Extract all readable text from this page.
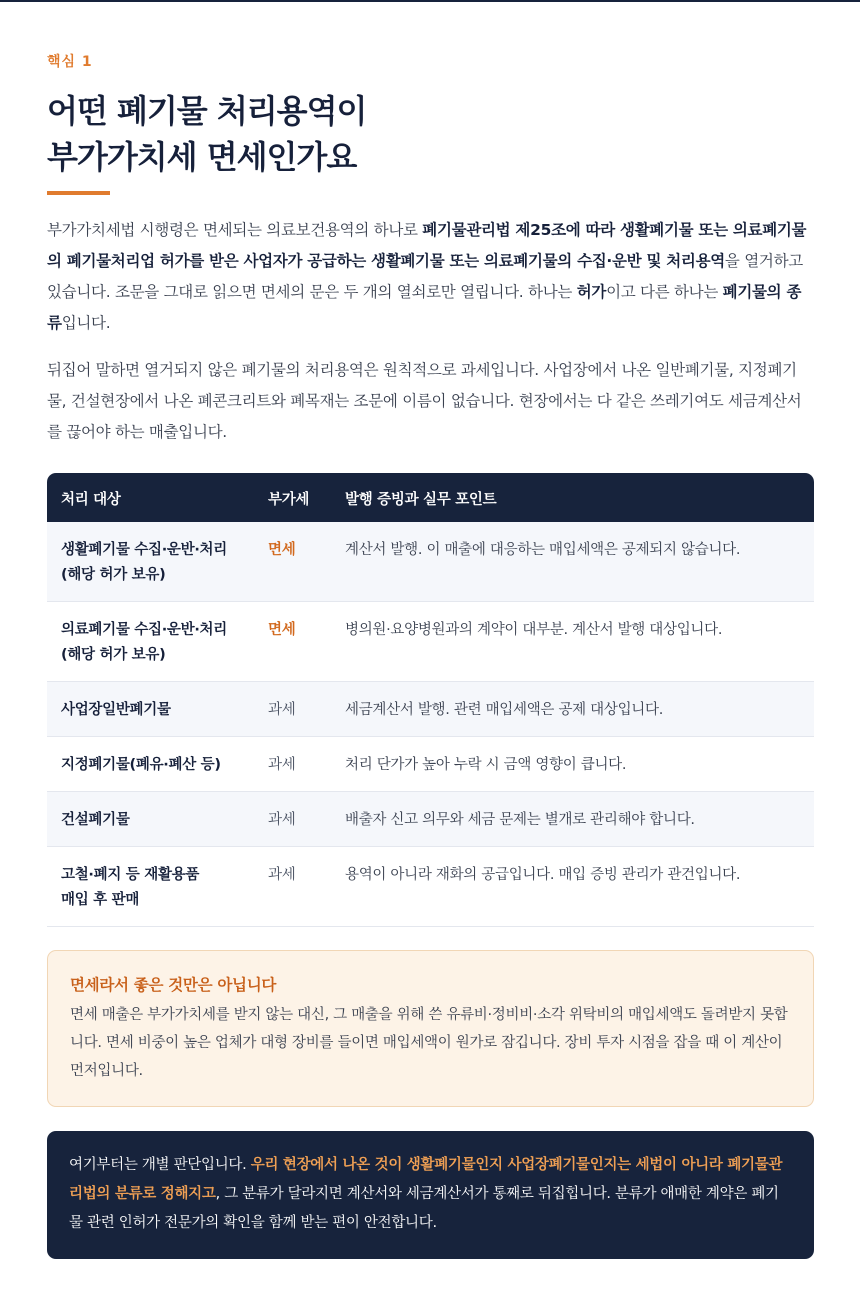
핵심 1
어떤 폐기물 처리용역이
부가가치세 면세인가요

부가가치세법 시행령은 면세되는 의료보건용역의 하나로 폐기물관리법 제25조에 따라 생활폐기물 또는 의료폐기물의 폐기물처리업 허가를 받은 사업자가 공급하는 생활폐기물 또는 의료폐기물의 수집·운반 및 처리용역을 열거하고 있습니다. 조문을 그대로 읽으면 면세의 문은 두 개의 열쇠로만 열립니다. 하나는 허가이고 다른 하나는 폐기물의 종류입니다.

뒤집어 말하면 열거되지 않은 폐기물의 처리용역은 원칙적으로 과세입니다. 사업장에서 나온 일반폐기물, 지정폐기물, 건설현장에서 나온 폐콘크리트와 폐목재는 조문에 이름이 없습니다. 현장에서는 다 같은 쓰레기여도 세금계산서를 끊어야 하는 매출입니다.

처리 대상	부가세 발행 증빙과 실무 포인트
생활폐기물 수집·운반·처리
(해당 허가 보유)
면세	계산서 발행. 이 매출에 대응하는 매입세액은 공제되지 않습니다.
의료폐기물 수집·운반·처리
(해당 허가 보유)
면세	병의원·요양병원과의 계약이 대부분. 계산서 발행 대상입니다.
사업장일반폐기물	과세	세금계산서 발행. 관련 매입세액은 공제 대상입니다.
지정폐기물(폐유·폐산 등)	과세	처리 단가가 높아 누락 시 금액 영향이 큽니다.
건설폐기물	과세	배출자 신고 의무와 세금 문제는 별개로 관리해야 합니다.
고철·폐지 등 재활용품
매입 후 판매
과세	용역이 아니라 재화의 공급입니다. 매입 증빙 관리가 관건입니다.
면세라서 좋은 것만은 아닙니다
면세 매출은 부가가치세를 받지 않는 대신, 그 매출을 위해 쓴 유류비·정비비·소각 위탁비의 매입세액도 돌려받지 못합니다. 면세 비중이 높은 업체가 대형 장비를 들이면 매입세액이 원가로 잠깁니다. 장비 투자 시점을 잡을 때 이 계산이 먼저입니다.
여기부터는 개별 판단입니다. 우리 현장에서 나온 것이 생활폐기물인지 사업장폐기물인지는 세법이 아니라 폐기물관리법의 분류로 정해지고, 그 분류가 달라지면 계산서와 세금계산서가 통째로 뒤집힙니다. 분류가 애매한 계약은 폐기물 관련 인허가 전문가의 확인을 함께 받는 편이 안전합니다.
